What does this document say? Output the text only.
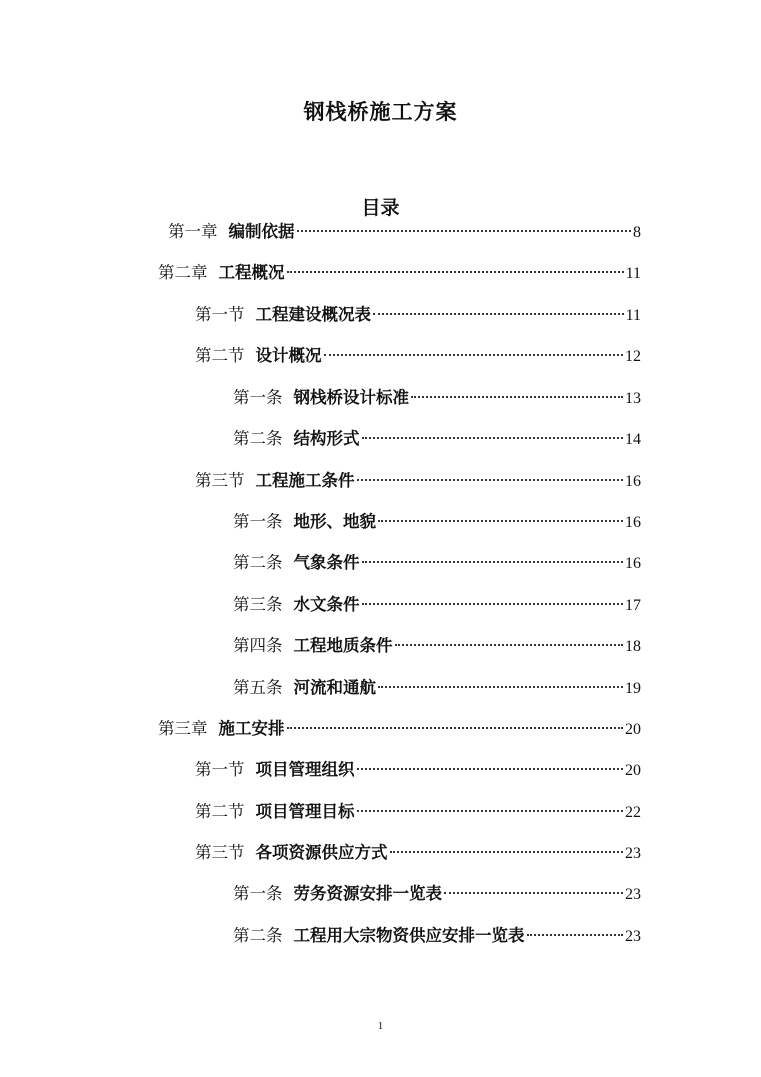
钢栈桥施工方案
目录
第一章 编制依据	8
第二章 工程概况	11
第一节 工程建设概况表	11
第二节 设计概况	12
第一条 钢栈桥设计标准	13
第二条 结构形式	14
第三节 工程施工条件	16
第一条 地形、地貌	16
第二条 气象条件	16
第三条 水文条件	17
第四条 工程地质条件	18
第五条 河流和通航	19
第三章 施工安排	20
第一节 项目管理组织	20
第二节 项目管理目标	22
第三节 各项资源供应方式	23
第一条 劳务资源安排一览表	23
第二条 工程用大宗物资供应安排一览表	23
1
